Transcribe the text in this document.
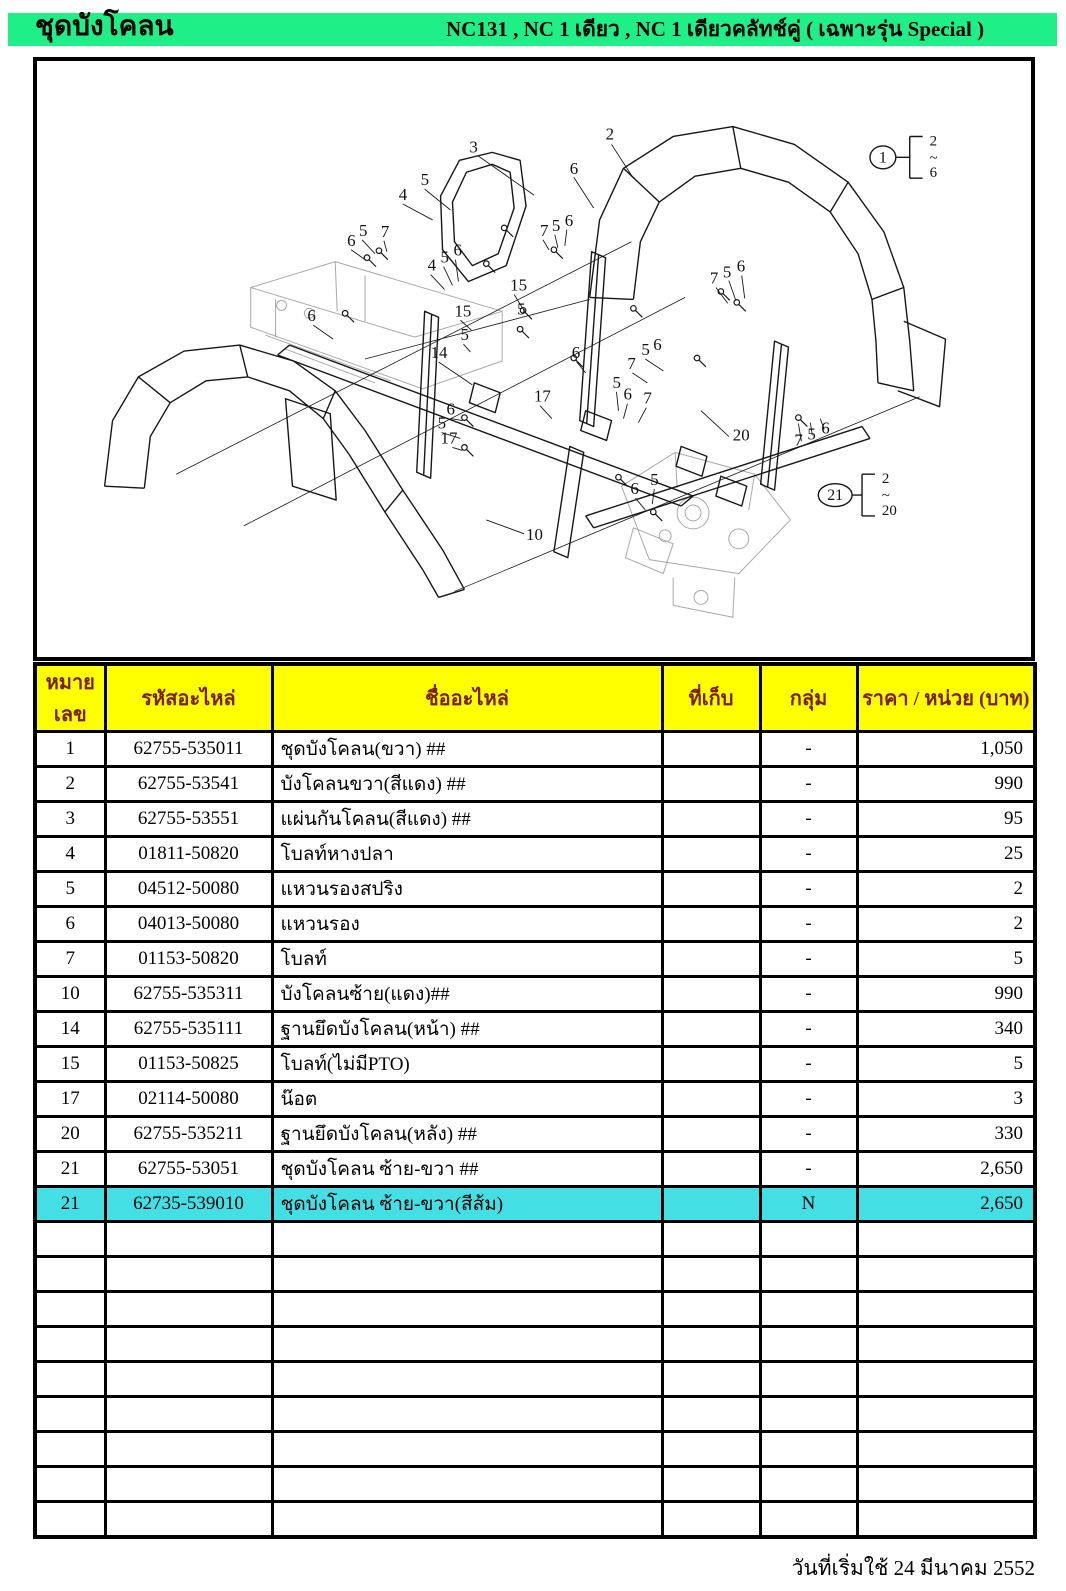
ชุดบังโคลน	NC131 , NC 1 เดียว , NC 1 เดียวคลัทช์คู่ ( เฉพาะรุ่น Special )
3
2
6
5
4
7 5 6
6
5 7
4 5 6
15
5
15
6
5
14	6	5 6
7
7 5 6
17
5
6 7
6
5
17	20	7 5 6
6 5
10
1
2
~
6
21
2
~
20
หมาย
เลข	รหัสอะไหล่	ชื่ออะไหล่	ที่เก็บ	กลุ่ม	ราคา / หน่วย (บาท)

1	62755-535011	ชุดบังโคลน(ขวา) ##		-	1,050
2	62755-53541	บังโคลนขวา(สีแดง) ##		-	990
3	62755-53551	แผ่นกันโคลน(สีแดง) ##		-	95
4	01811-50820	โบลท์หางปลา		-	25
5	04512-50080	แหวนรองสปริง		-	2
6	04013-50080	แหวนรอง		-	2
7	01153-50820	โบลท์		-	5
10	62755-535311	บังโคลนซ้าย(แดง)##		-	990
14	62755-535111	ฐานยึดบังโคลน(หน้า) ##		-	340
15	01153-50825	โบลท์(ไม่มีPTO)		-	5
17	02114-50080	น๊อต		-	3
20	62755-535211	ฐานยึดบังโคลน(หลัง) ##		-	330
21	62755-53051	ชุดบังโคลน ซ้าย-ขวา ##		-	2,650
21	62735-539010	ชุดบังโคลน ซ้าย-ขวา(สีส้ม)		N	2,650

วันที่เริ่มใช้ 24 มีนาคม 2552
